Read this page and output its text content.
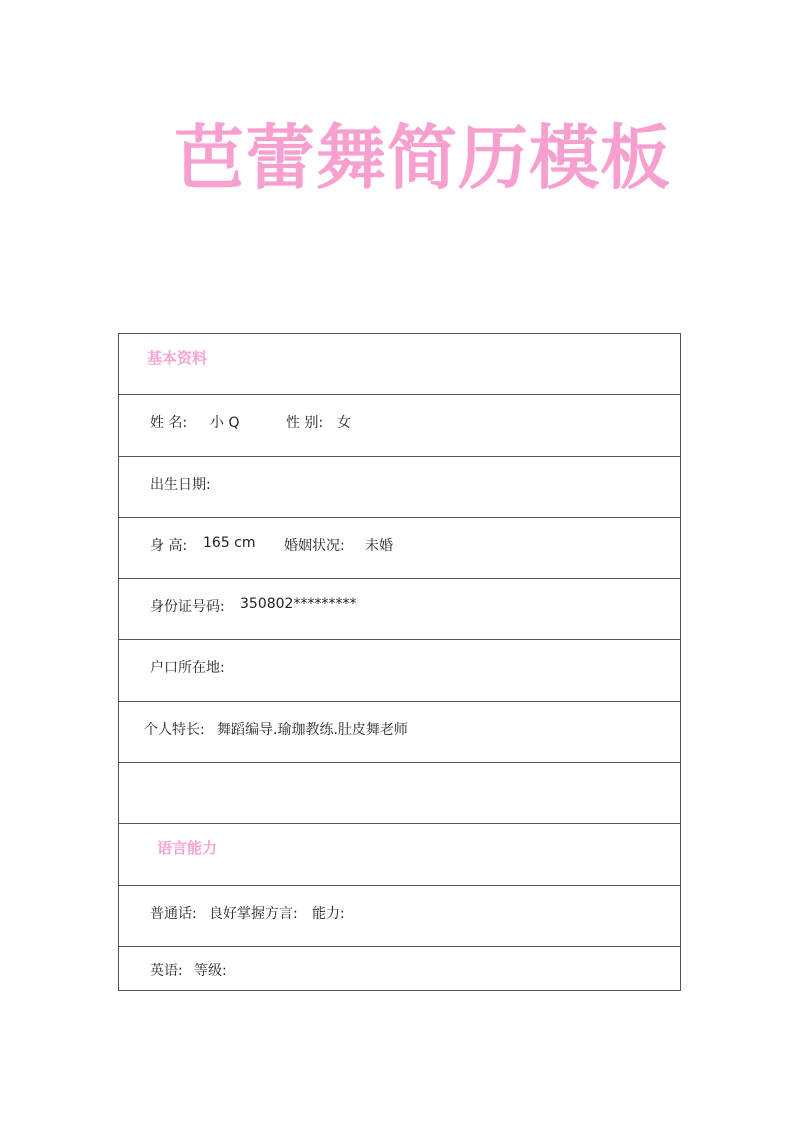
芭蕾舞简历模板
基本资料
姓 名: 小 Q	性 别: 女
出生日期:
身 高: 165 cm 婚姻状况: 未婚
身份证号码: 350802*********
户口所在地:
个人特长: 舞蹈编导.瑜珈教练.肚皮舞老师
语言能力
普通话: 良好掌握方言: 能力:
英语: 等级:
